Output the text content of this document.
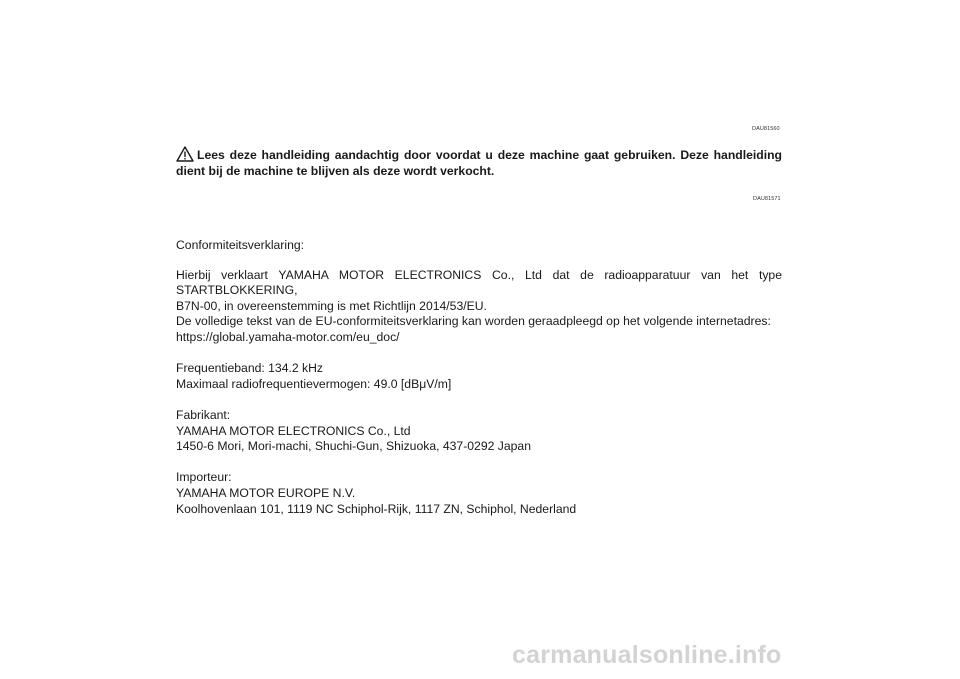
DAU81560
Lees deze handleiding aandachtig door voordat u deze machine gaat gebruiken. Deze handleiding dient bij de machine te blijven als deze wordt verkocht.
DAU81571
Conformiteitsverklaring:
Hierbij verklaart YAMAHA MOTOR ELECTRONICS Co., Ltd dat de radioapparatuur van het type STARTBLOKKERING,
B7N-00, in overeenstemming is met Richtlijn 2014/53/EU.
De volledige tekst van de EU-conformiteitsverklaring kan worden geraadpleegd op het volgende internetadres:
https://global.yamaha-motor.com/eu_doc/
Frequentieband: 134.2 kHz
Maximaal radiofrequentievermogen: 49.0 [dBμV/m]
Fabrikant:
YAMAHA MOTOR ELECTRONICS Co., Ltd
1450-6 Mori, Mori-machi, Shuchi-Gun, Shizuoka, 437-0292 Japan
Importeur:
YAMAHA MOTOR EUROPE N.V.
Koolhovenlaan 101, 1119 NC Schiphol-Rijk, 1117 ZN, Schiphol, Nederland
carmanualsonline.info
